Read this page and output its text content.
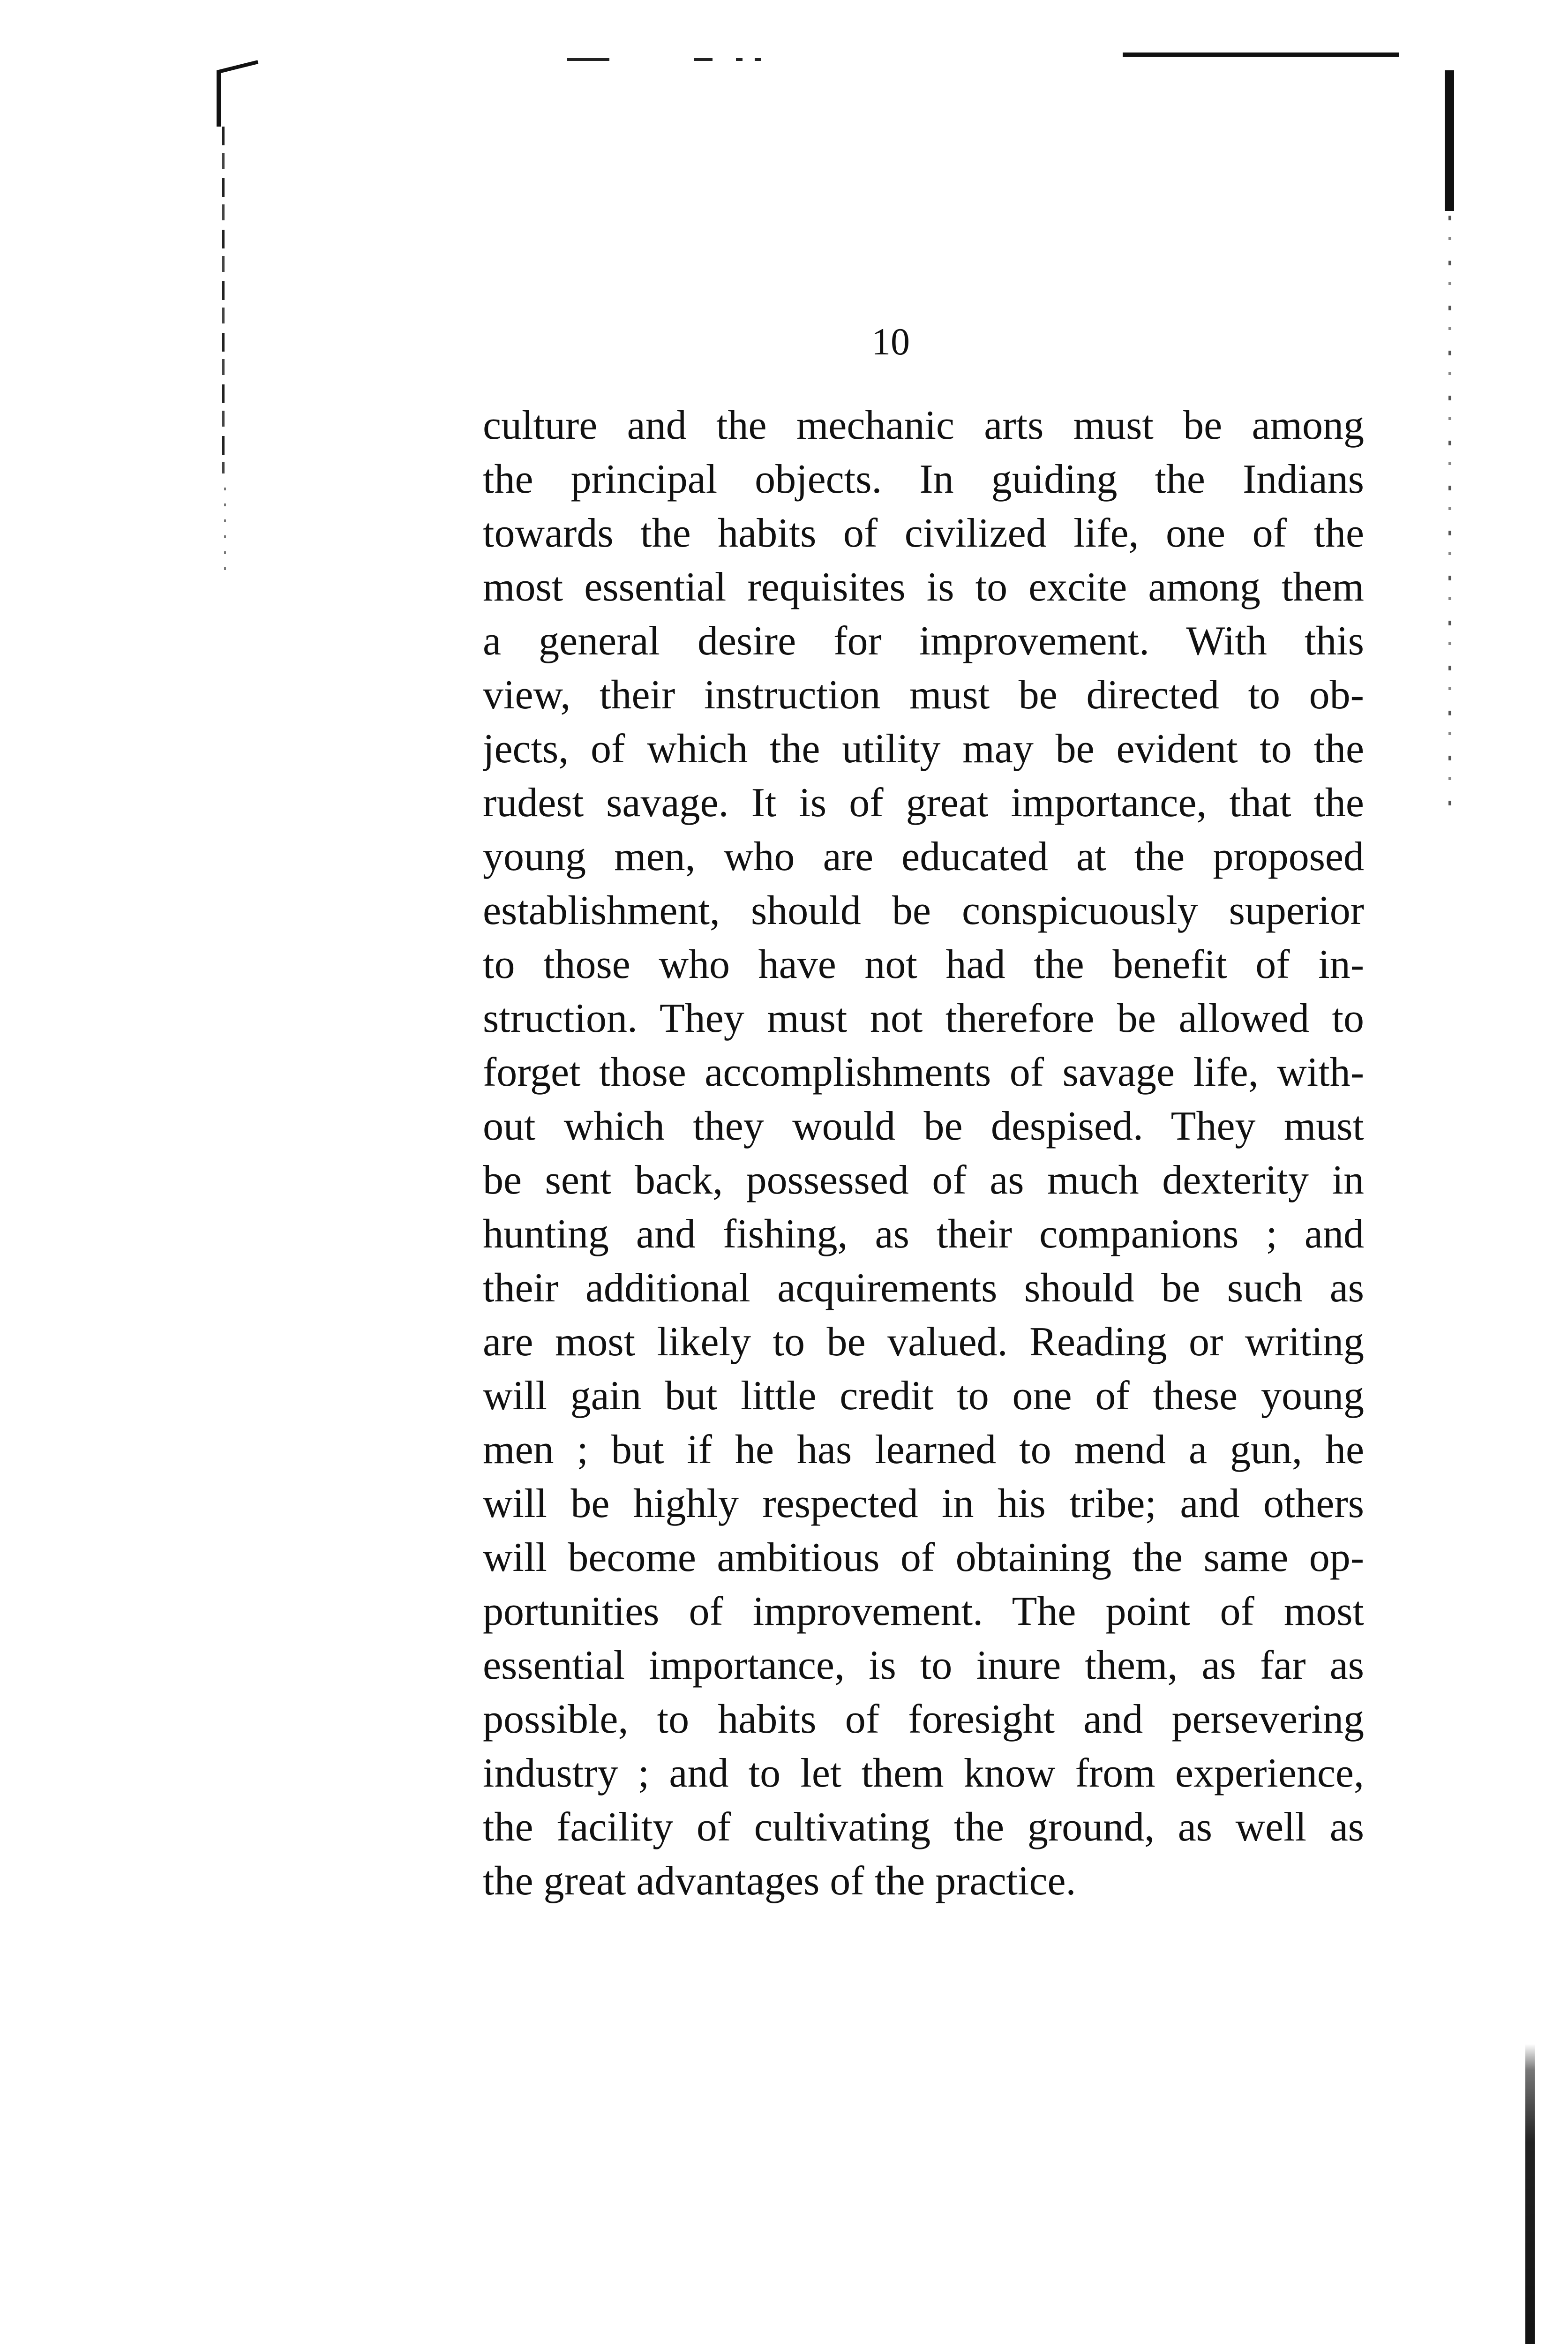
10
culture and the mechanic arts must be among
the principal objects. In guiding the Indians
towards the habits of civilized life, one of the
most essential requisites is to excite among them
a general desire for improvement. With this
view, their instruction must be directed to ob-
jects, of which the utility may be evident to the
rudest savage. It is of great importance, that the
young men, who are educated at the proposed
establishment, should be conspicuously superior
to those who have not had the benefit of in-
struction. They must not therefore be allowed to
forget those accomplishments of savage life, with-
out which they would be despised. They must
be sent back, possessed of as much dexterity in
hunting and fishing, as their companions ; and
their additional acquirements should be such as
are most likely to be valued. Reading or writing
will gain but little credit to one of these young
men ; but if he has learned to mend a gun, he
will be highly respected in his tribe; and others
will become ambitious of obtaining the same op-
portunities of improvement. The point of most
essential importance, is to inure them, as far as
possible, to habits of foresight and persevering
industry ; and to let them know from experience,
the facility of cultivating the ground, as well as
the great advantages of the practice.
